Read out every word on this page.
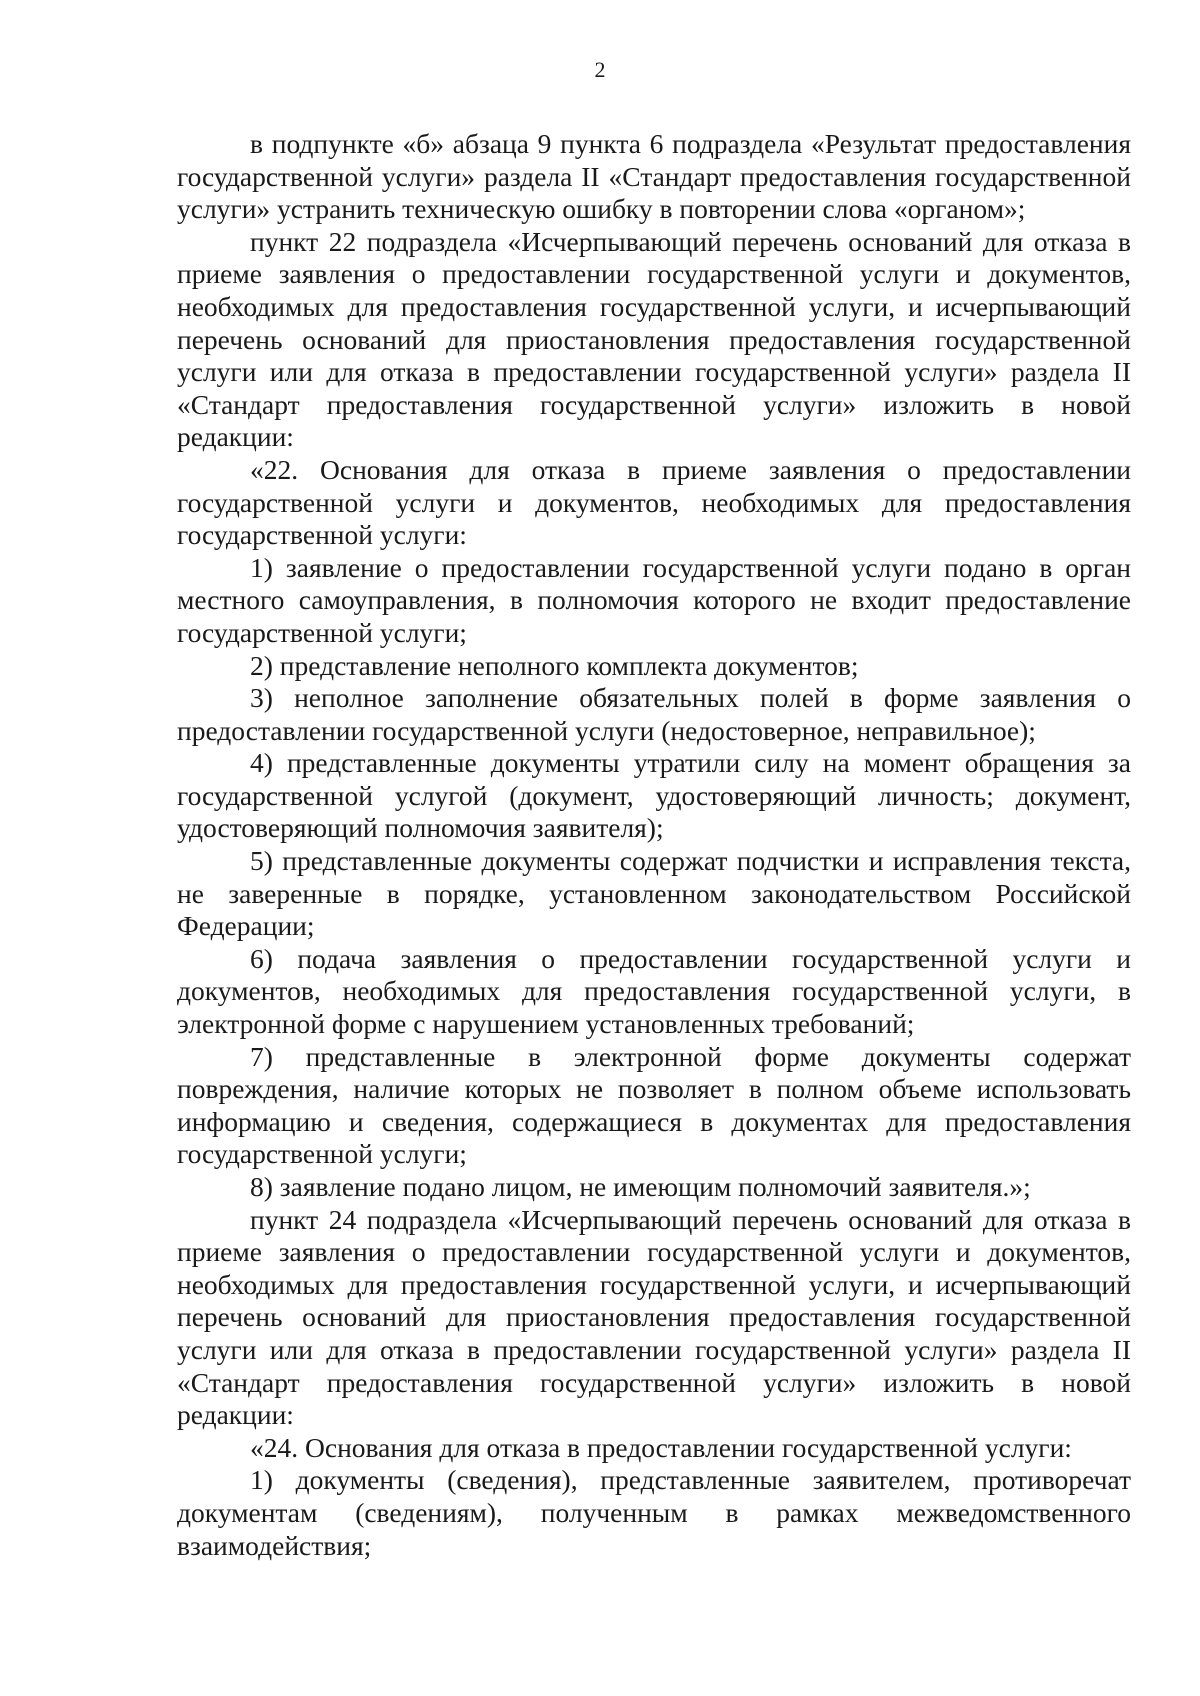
2

в подпункте «б» абзаца 9 пункта 6 подраздела «Результат предоставления государственной услуги» раздела II «Стандарт предоставления государственной услуги» устранить техническую ошибку в повторении слова «органом»;

пункт 22 подраздела «Исчерпывающий перечень оснований для отказа в приеме заявления о предоставлении государственной услуги и документов, необходимых для предоставления государственной услуги, и исчерпывающий перечень оснований для приостановления предоставления государственной услуги или для отказа в предоставлении государственной услуги» раздела II «Стандарт предоставления государственной услуги» изложить в новой редакции:

«22. Основания для отказа в приеме заявления о предоставлении государственной услуги и документов, необходимых для предоставления государственной услуги:

1) заявление о предоставлении государственной услуги подано в орган местного самоуправления, в полномочия которого не входит предоставление государственной услуги;

2) представление неполного комплекта документов;

3) неполное заполнение обязательных полей в форме заявления о предоставлении государственной услуги (недостоверное, неправильное);

4) представленные документы утратили силу на момент обращения за государственной услугой (документ, удостоверяющий личность; документ, удостоверяющий полномочия заявителя);

5) представленные документы содержат подчистки и исправления текста, не заверенные в порядке, установленном законодательством Российской Федерации;

6) подача заявления о предоставлении государственной услуги и документов, необходимых для предоставления государственной услуги, в электронной форме с нарушением установленных требований;

7) представленные в электронной форме документы содержат повреждения, наличие которых не позволяет в полном объеме использовать информацию и сведения, содержащиеся в документах для предоставления государственной услуги;

8) заявление подано лицом, не имеющим полномочий заявителя.»;

пункт 24 подраздела «Исчерпывающий перечень оснований для отказа в приеме заявления о предоставлении государственной услуги и документов, необходимых для предоставления государственной услуги, и исчерпывающий перечень оснований для приостановления предоставления государственной услуги или для отказа в предоставлении государственной услуги» раздела II «Стандарт предоставления государственной услуги» изложить в новой редакции:

«24. Основания для отказа в предоставлении государственной услуги:

1) документы (сведения), представленные заявителем, противоречат документам (сведениям), полученным в рамках межведомственного взаимодействия;
